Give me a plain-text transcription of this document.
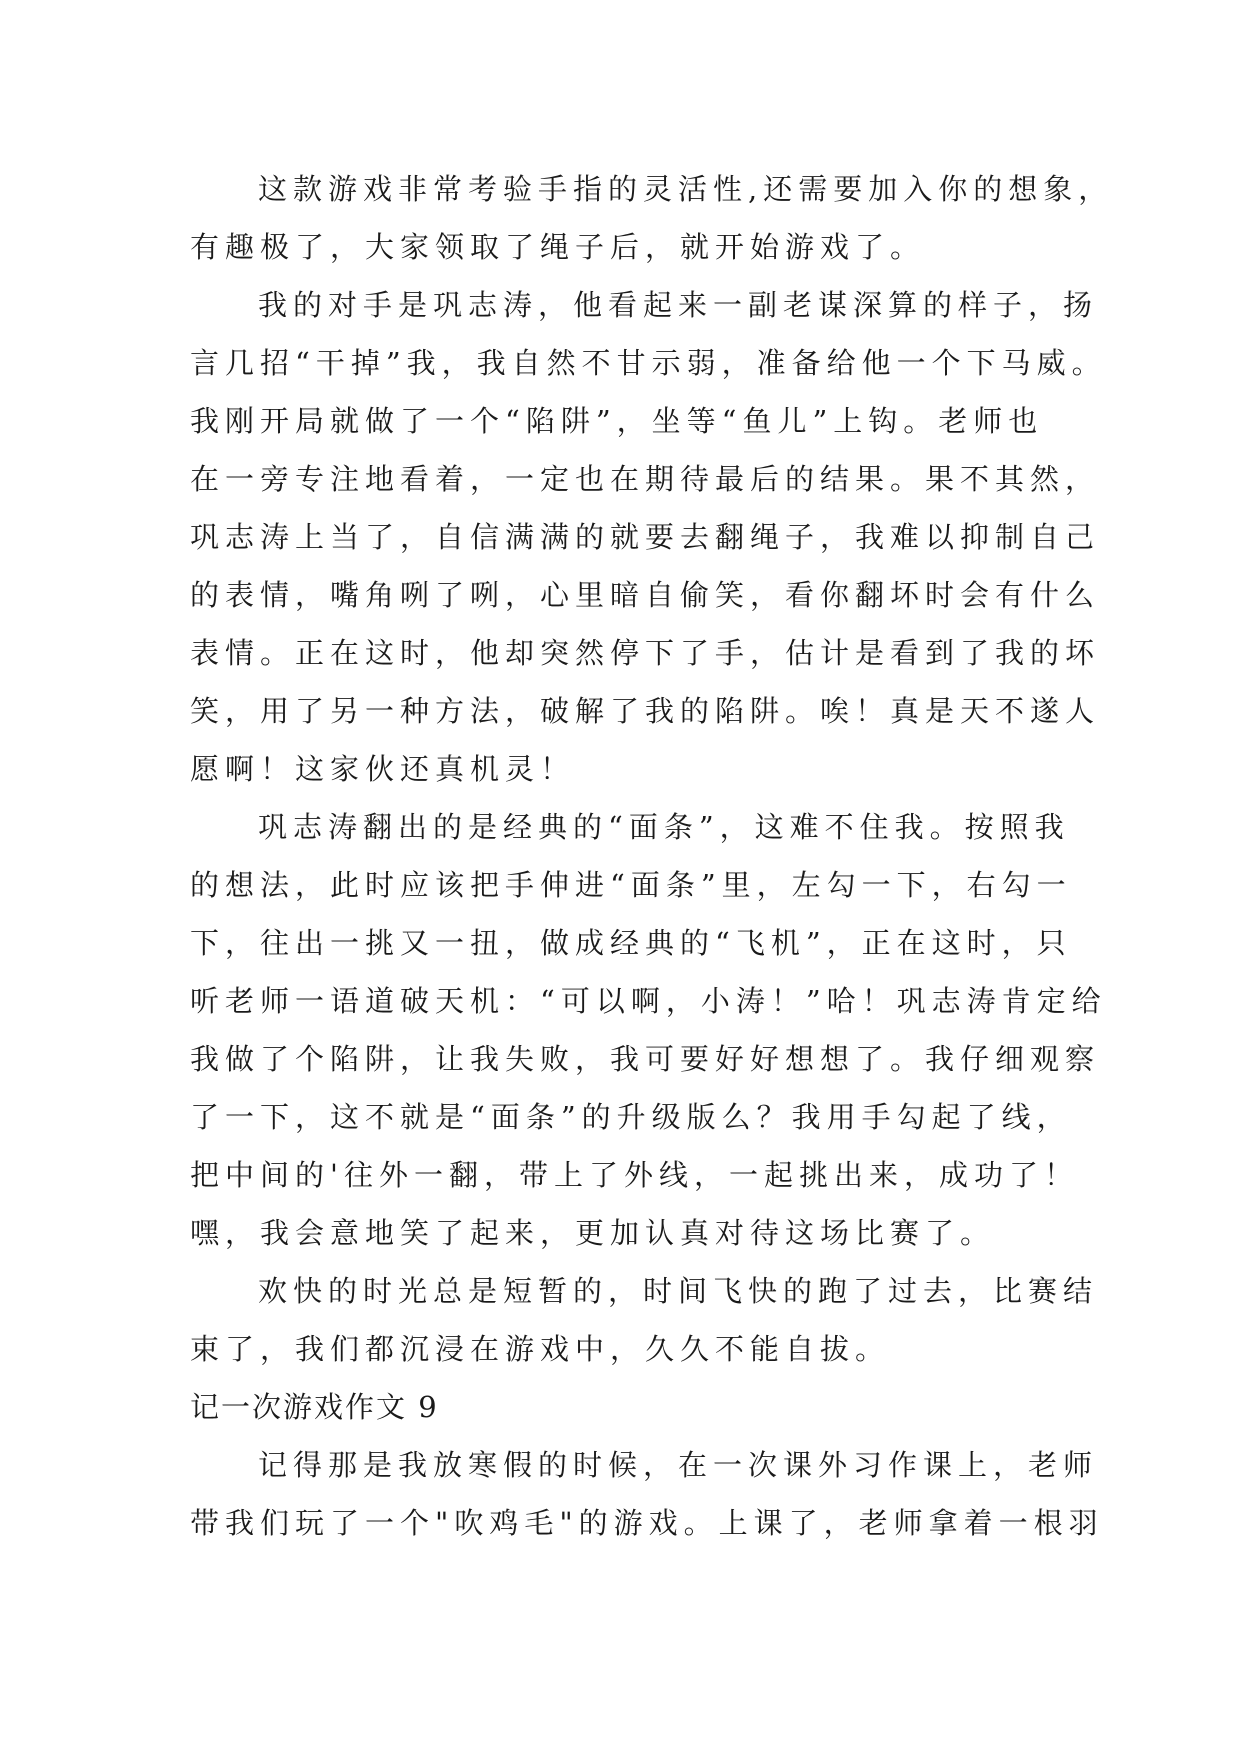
这款游戏非常考验手指的灵活性,还需要加入你的想象，
有趣极了，大家领取了绳子后，就开始游戏了。
我的对手是巩志涛，他看起来一副老谋深算的样子，扬
言几招“干掉”我，我自然不甘示弱，准备给他一个下马威。
我刚开局就做了一个“陷阱”，坐等“鱼儿”上钩。老师也
在一旁专注地看着，一定也在期待最后的结果。果不其然，
巩志涛上当了，自信满满的就要去翻绳子，我难以抑制自己
的表情，嘴角咧了咧，心里暗自偷笑，看你翻坏时会有什么
表情。正在这时，他却突然停下了手，估计是看到了我的坏
笑，用了另一种方法，破解了我的陷阱。唉！真是天不遂人
愿啊！这家伙还真机灵！
巩志涛翻出的是经典的“面条”，这难不住我。按照我
的想法，此时应该把手伸进“面条”里，左勾一下，右勾一
下，往出一挑又一扭，做成经典的“飞机”，正在这时，只
听老师一语道破天机：“可以啊，小涛！”哈！巩志涛肯定给
我做了个陷阱，让我失败，我可要好好想想了。我仔细观察
了一下，这不就是“面条”的升级版么？我用手勾起了线，
把中间的'往外一翻，带上了外线，一起挑出来，成功了！
嘿，我会意地笑了起来，更加认真对待这场比赛了。
欢快的时光总是短暂的，时间飞快的跑了过去，比赛结
束了，我们都沉浸在游戏中，久久不能自拔。
记一次游戏作文 9
记得那是我放寒假的时候，在一次课外习作课上，老师
带我们玩了一个"吹鸡毛"的游戏。上课了，老师拿着一根羽
